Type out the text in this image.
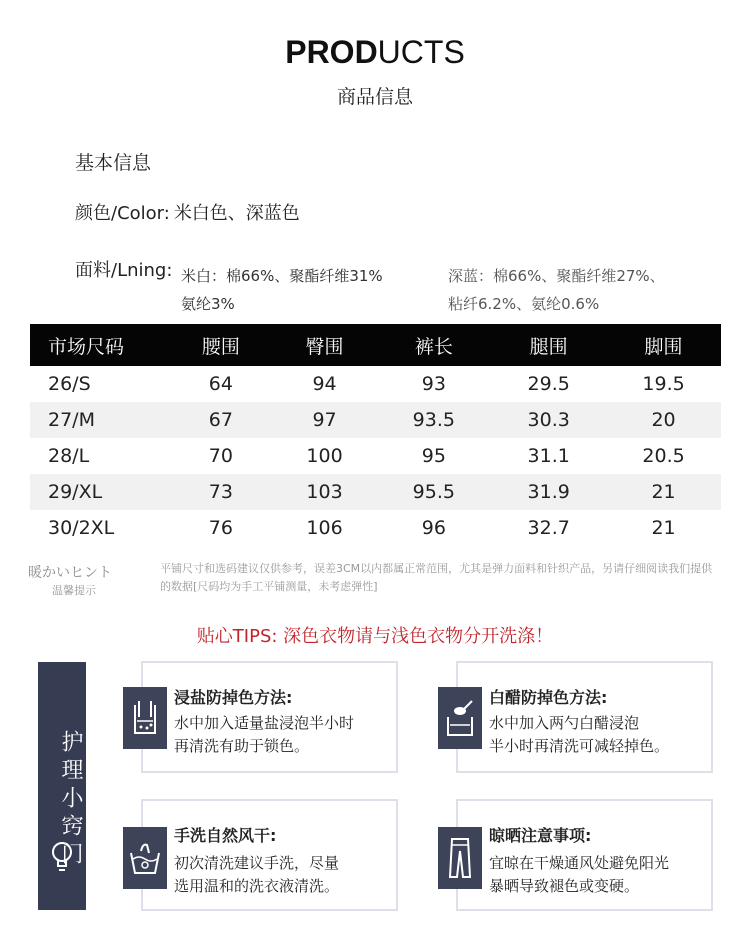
PRODUCTS
商品信息
基本信息
颜色/Color: 米白色、深蓝色
面料/Lning: 米白：棉66%、聚酯纤维31%
氨纶3%
深蓝：棉66%、聚酯纤维27%、
粘纤6.2%、氨纶0.6%
市场尺码	腰围	臀围	裤长	腿围	脚围
26/S	64	94	93	29.5	19.5
27/M	67	97	93.5	30.3	20
28/L	70	100	95	31.1	20.5
29/XL	73	103	95.5	31.9	21
30/2XL	76	106	96	32.7	21
暖かいヒント
温馨提示
平铺尺寸和选码建议仅供参考，误差3CM以内都属正常范围，尤其是弹力面料和针织产品，另请仔细阅读我们提供的数据[尺码均为手工平铺测量，未考虑弹性]
贴心TIPS: 深色衣物请与浅色衣物分开洗涤！
护理小窍门
浸盐防掉色方法:
水中加入适量盐浸泡半小时
再清洗有助于锁色。
白醋防掉色方法:
水中加入两勺白醋浸泡
半小时再清洗可减轻掉色。
手洗自然风干:
初次清洗建议手洗，尽量
选用温和的洗衣液清洗。
晾晒注意事项:
宜晾在干燥通风处避免阳光
暴晒导致褪色或变硬。
